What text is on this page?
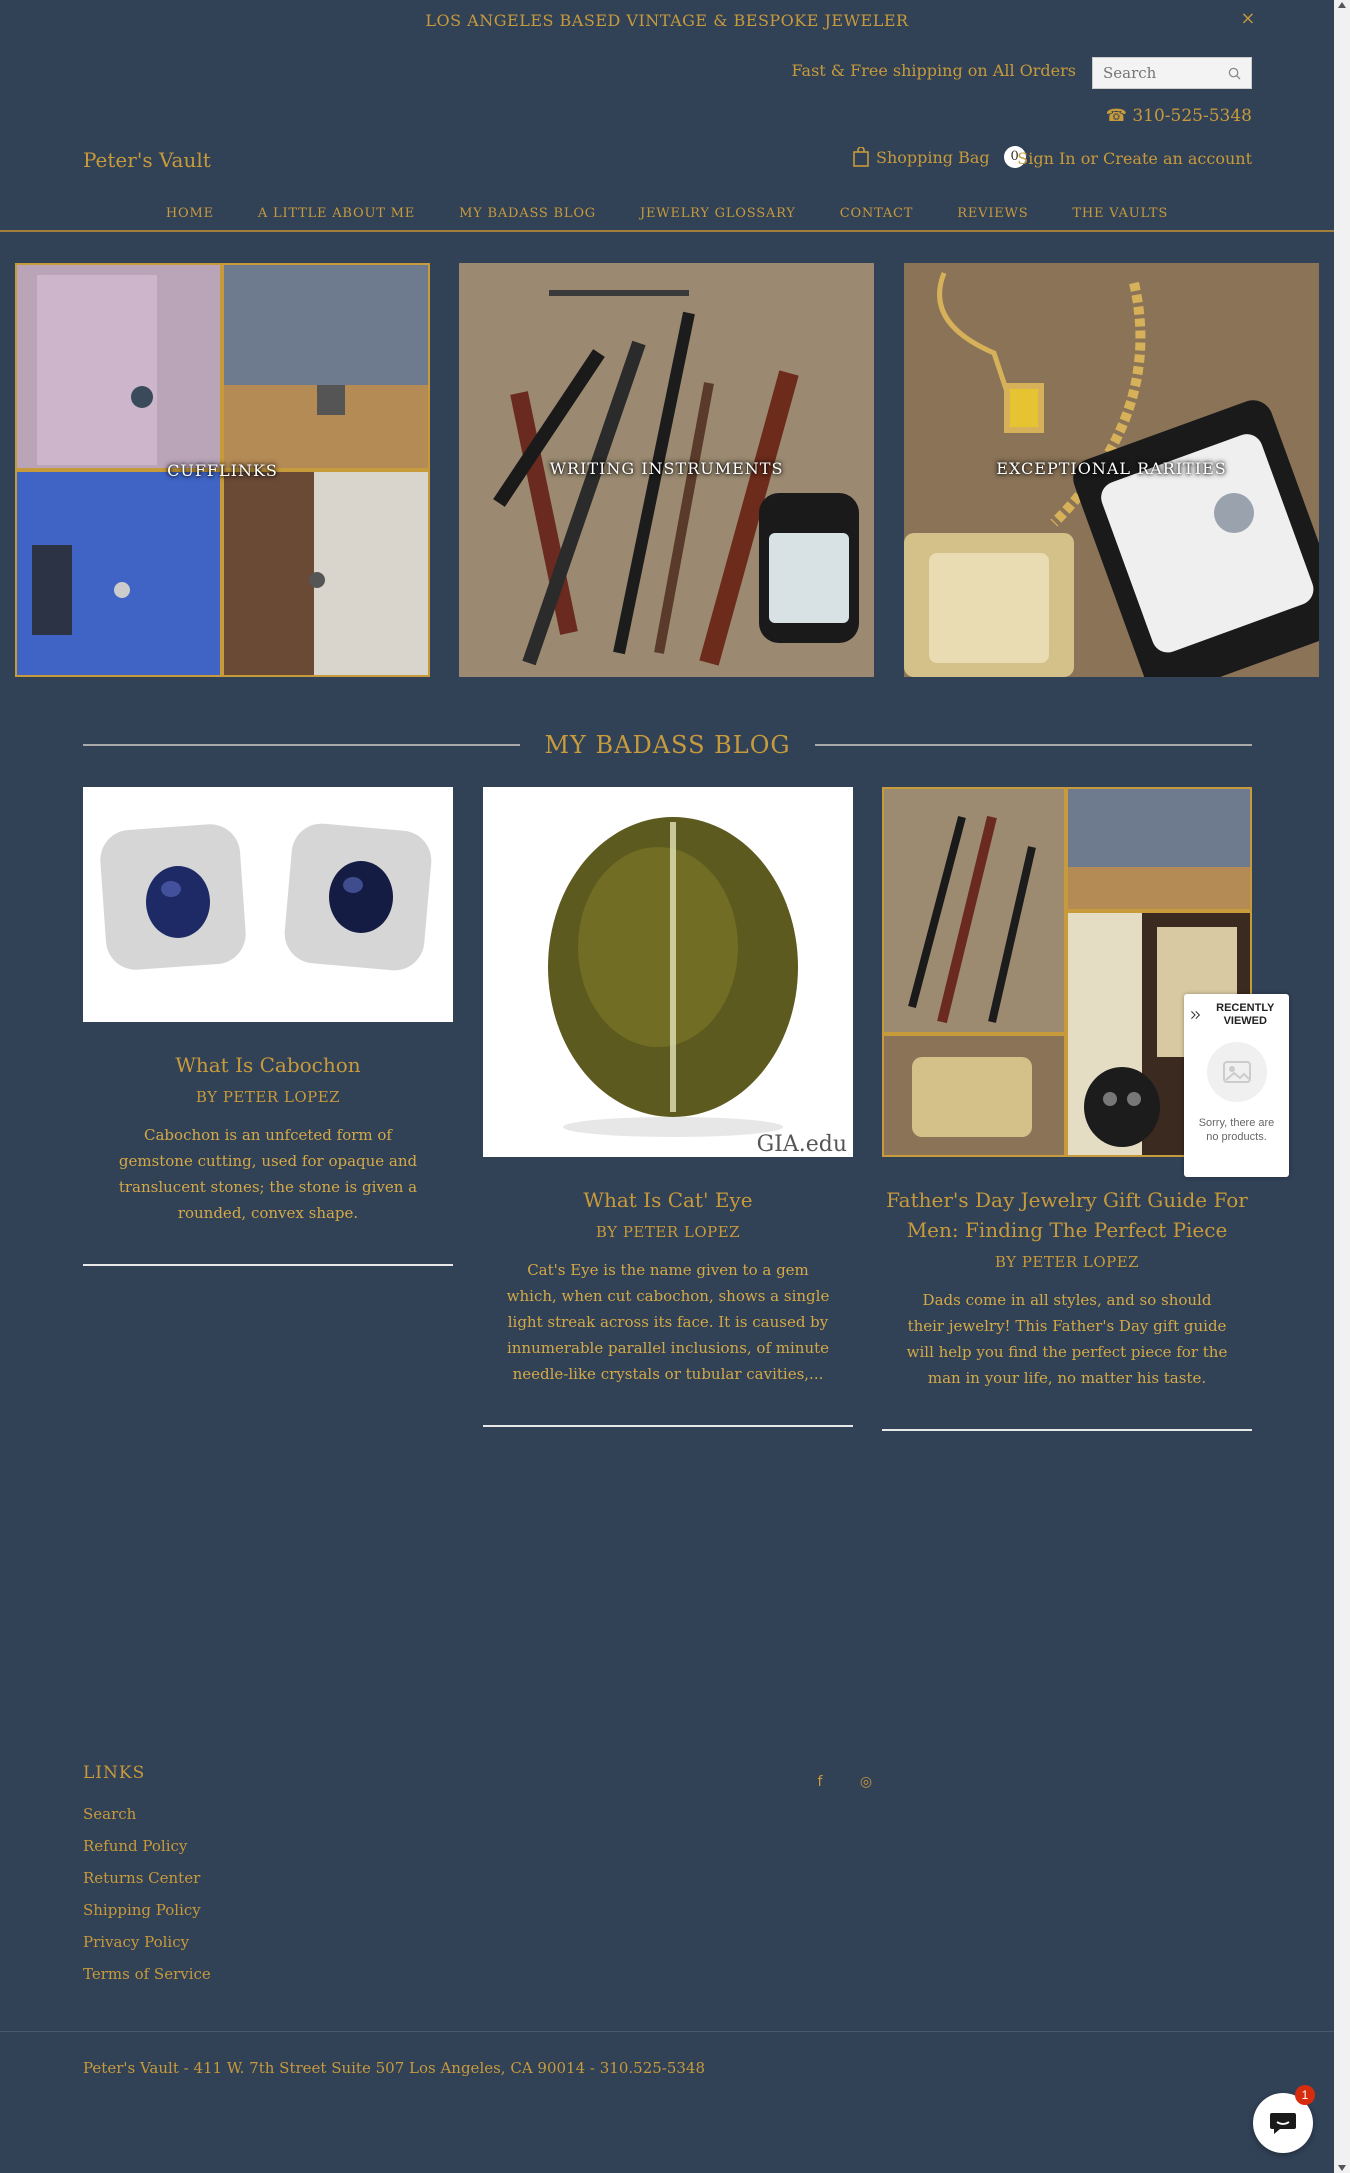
LOS ANGELES BASED VINTAGE & BESPOKE JEWELER	×
Fast & Free shipping on All Orders
Search
☎ 310-525-5348
Peter's Vault	Shopping Bag	0
Sign In or Create an account
HOME	A LITTLE ABOUT ME	MY BADASS BLOG	JEWELRY GLOSSARY	CONTACT	REVIEWS	THE VAULTS
CUFFLINKS	WRITING INSTRUMENTS	EXCEPTIONAL RARITIES
MY BADASS BLOG
What Is Cabochon
BY PETER LOPEZ
Cabochon is an unfceted form of gemstone cutting, used for opaque and translucent stones; the stone is given a rounded, convex shape.
GIA.edu
What Is Cat' Eye
BY PETER LOPEZ
Cat's Eye is the name given to a gem which, when cut cabochon, shows a single light streak across its face. It is caused by innumerable parallel inclusions, of minute needle-like crystals or tubular cavities,...
Father's Day Jewelry Gift Guide For Men: Finding The Perfect Piece
BY PETER LOPEZ
Dads come in all styles, and so should their jewelry! This Father's Day gift guide will help you find the perfect piece for the man in your life, no matter his taste.
RECENTLY VIEWED
Sorry, there are no products.
LINKS
Search
Refund Policy
Returns Center
Shipping Policy
Privacy Policy
Terms of Service
f	◎
Peter's Vault - 411 W. 7th Street Suite 507 Los Angeles, CA 90014 - 310.525-5348
1
